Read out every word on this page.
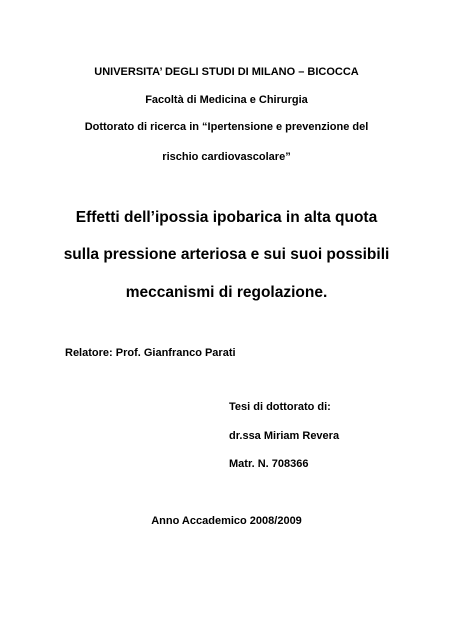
UNIVERSITA’ DEGLI STUDI DI MILANO – BICOCCA
Facoltà di Medicina e Chirurgia
Dottorato di ricerca in “Ipertensione e prevenzione del
rischio cardiovascolare”
Effetti dell’ipossia ipobarica in alta quota
sulla pressione arteriosa e sui suoi possibili
meccanismi di regolazione.
Relatore: Prof. Gianfranco Parati
Tesi di dottorato di:
dr.ssa Miriam Revera
Matr. N. 708366
Anno Accademico 2008/2009
